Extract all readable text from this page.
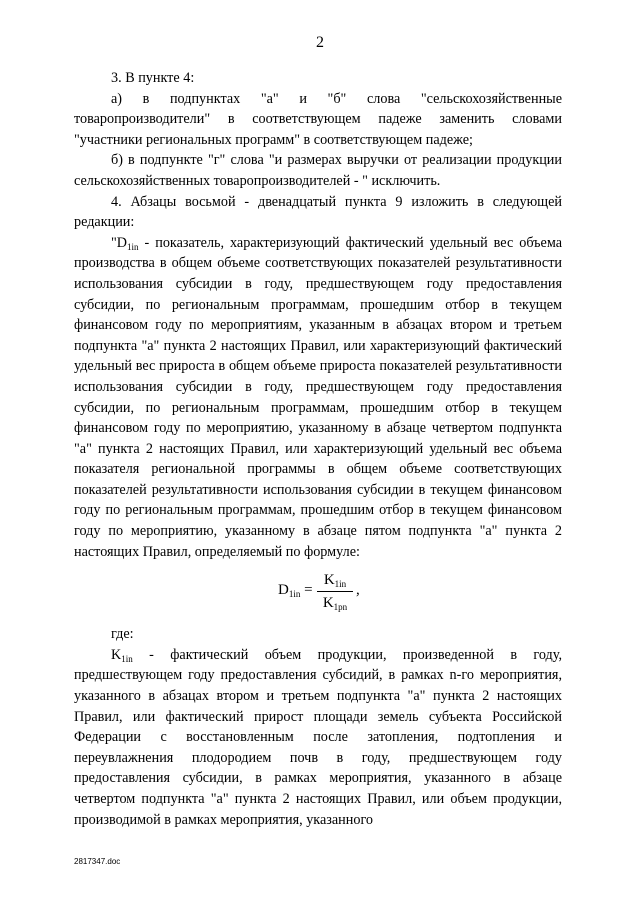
2

3. В пункте 4:

а) в подпунктах "а" и "б" слова "сельскохозяйственные товаропроизводители" в соответствующем падеже заменить словами "участники региональных программ" в соответствующем падеже;

б) в подпункте "г" слова "и размерах выручки от реализации продукции сельскохозяйственных товаропроизводителей - " исключить.

4. Абзацы восьмой - двенадцатый пункта 9 изложить в следующей редакции:

"$D_{1in}$ - показатель, характеризующий фактический удельный вес объема производства в общем объеме соответствующих показателей результативности использования субсидии в году, предшествующем году предоставления субсидии, по региональным программам, прошедшим отбор в текущем финансовом году по мероприятиям, указанным в абзацах втором и третьем подпункта "а" пункта 2 настоящих Правил, или характеризующий фактический удельный вес прироста в общем объеме прироста показателей результативности использования субсидии в году, предшествующем году предоставления субсидии, по региональным программам, прошедшим отбор в текущем финансовом году по мероприятию, указанному в абзаце четвертом подпункта "а" пункта 2 настоящих Правил, или характеризующий удельный вес объема показателя региональной программы в общем объеме соответствующих показателей результативности использования субсидии в текущем финансовом году по региональным программам, прошедшим отбор в текущем финансовом году по мероприятию, указанному в абзаце пятом подпункта "а" пункта 2 настоящих Правил, определяемый по формуле:

$D_{1in}$ =
$K_{1in}$
$K_{1pn}$
,

где:

$K_{1in}$ - фактический объем продукции, произведенной в году, предшествующем году предоставления субсидий, в рамках n-го мероприятия, указанного в абзацах втором и третьем подпункта "а" пункта 2 настоящих Правил, или фактический прирост площади земель субъекта Российской Федерации с восстановленным после затопления, подтопления и переувлажнения плодородием почв в году, предшествующем году предоставления субсидии, в рамках мероприятия, указанного в абзаце четвертом подпункта "а" пункта 2 настоящих Правил, или объем продукции, производимой в рамках мероприятия, указанного

2817347.doc
